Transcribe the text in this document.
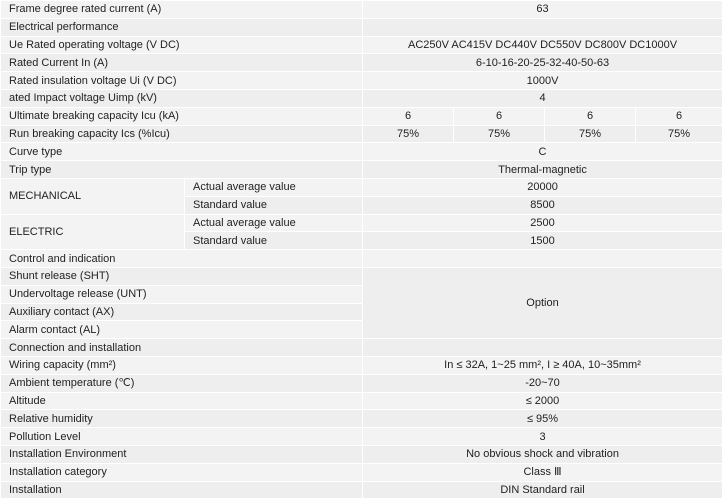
Frame degree rated current (A)		63			
Electrical performance					
Ue Rated operating voltage (V DC)		AC250V AC415V DC440V DC550V DC800V DC1000V			
Rated Current In (A)		6-10-16-20-25-32-40-50-63			
Rated insulation voltage Ui (V DC)		1000V			
ated Impact voltage Uimp (kV)		4			
Ultimate breaking capacity Icu (kA)		6	6	6	6
Run breaking capacity Ics (%Icu)		75%	75%	75%	75%
Curve type		C			
Trip type		Thermal-magnetic			
MECHANICAL	Actual average value	20000			
	Standard value	8500			
ELECTRIC	Actual average value	2500			
	Standard value	1500			
Control and indication					
Shunt release (SHT)		Option			
Undervoltage release (UNT)					
Auxiliary contact (AX)					
Alarm contact (AL)					
Connection and installation					
Wiring capacity (mm²)		In ≤ 32A, 1~25 mm², I ≥ 40A, 10~35mm²			
Ambient temperature (℃)		-20~70			
Altitude		≤ 2000			
Relative humidity		≤ 95%			
Pollution Level		3			
Installation Environment		No obvious shock and vibration			
Installation category		Class Ⅲ			
Installation		DIN Standard rail			
